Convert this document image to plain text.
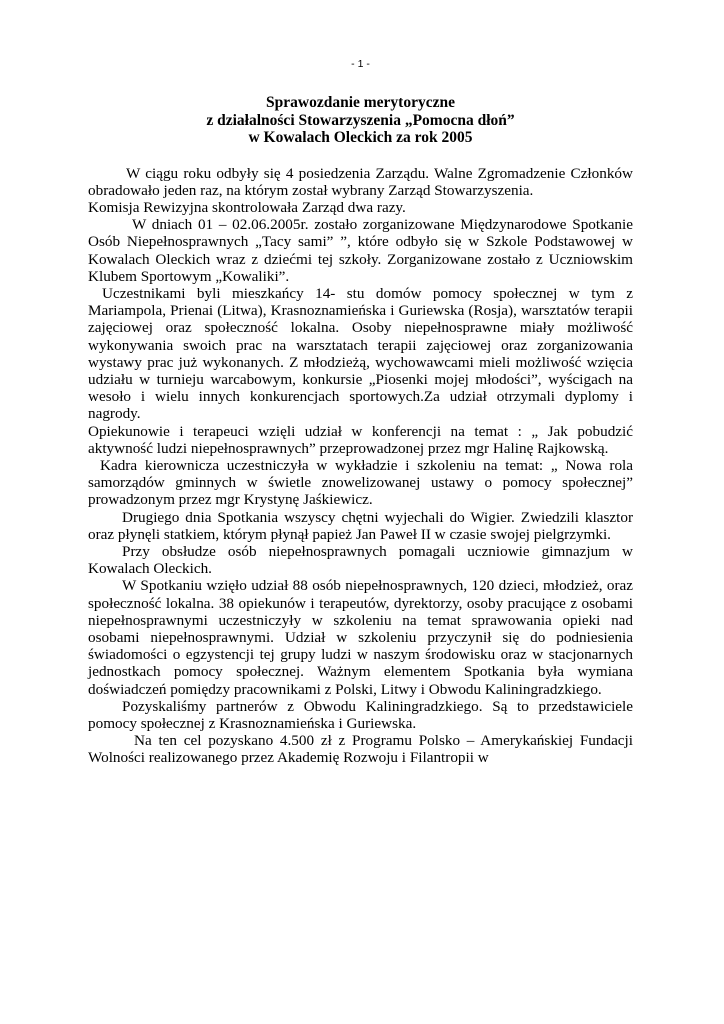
- 1 -
Sprawozdanie merytoryczne
z działalności Stowarzyszenia „Pomocna dłoń”
w Kowalach Oleckich za rok 2005

W ciągu roku odbyły się 4 posiedzenia Zarządu. Walne Zgromadzenie Członków obradowało jeden raz, na którym został wybrany Zarząd Stowarzyszenia.

Komisja Rewizyjna skontrolowała Zarząd dwa razy.

W dniach 01 – 02.06.2005r. zostało zorganizowane Międzynarodowe Spotkanie Osób Niepełnosprawnych „Tacy sami” ”, które odbyło się w Szkole Podstawowej w Kowalach Oleckich wraz z dziećmi tej szkoły. Zorganizowane zostało z Uczniowskim Klubem Sportowym „Kowaliki”.

Uczestnikami byli mieszkańcy 14- stu domów pomocy społecznej w tym z Mariampola, Prienai (Litwa), Krasnoznamieńska i Guriewska (Rosja), warsztatów terapii zajęciowej oraz społeczność lokalna. Osoby niepełnosprawne miały możliwość wykonywania swoich prac na warsztatach terapii zajęciowej oraz zorganizowania wystawy prac już wykonanych. Z młodzieżą, wychowawcami mieli możliwość wzięcia udziału w turnieju warcabowym, konkursie „Piosenki mojej młodości”, wyścigach na wesoło i wielu innych konkurencjach sportowych.Za udział otrzymali dyplomy i nagrody.

Opiekunowie i terapeuci wzięli udział w konferencji na temat : „ Jak pobudzić aktywność ludzi niepełnosprawnych” przeprowadzonej przez mgr Halinę Rajkowską.

Kadra kierownicza uczestniczyła w wykładzie i szkoleniu na temat: „ Nowa rola samorządów gminnych w świetle znowelizowanej ustawy o pomocy społecznej” prowadzonym przez mgr Krystynę Jaśkiewicz.

Drugiego dnia Spotkania wszyscy chętni wyjechali do Wigier. Zwiedzili klasztor oraz płynęli statkiem, którym płynął papież Jan Paweł II w czasie swojej pielgrzymki.

Przy obsłudze osób niepełnosprawnych pomagali uczniowie gimnazjum w Kowalach Oleckich.

W Spotkaniu wzięło udział 88 osób niepełnosprawnych, 120 dzieci, młodzież, oraz społeczność lokalna. 38 opiekunów i terapeutów, dyrektorzy, osoby pracujące z osobami niepełnosprawnymi uczestniczyły w szkoleniu na temat sprawowania opieki nad osobami niepełnosprawnymi. Udział w szkoleniu przyczynił się do podniesienia świadomości o egzystencji tej grupy ludzi w naszym środowisku oraz w stacjonarnych jednostkach pomocy społecznej. Ważnym elementem Spotkania była wymiana doświadczeń pomiędzy pracownikami z Polski, Litwy i Obwodu Kaliningradzkiego.

Pozyskaliśmy partnerów z Obwodu Kaliningradzkiego. Są to przedstawiciele pomocy społecznej z Krasnoznamieńska i Guriewska.

Na ten cel pozyskano 4.500 zł z Programu Polsko – Amerykańskiej Fundacji Wolności realizowanego przez Akademię Rozwoju i Filantropii w
